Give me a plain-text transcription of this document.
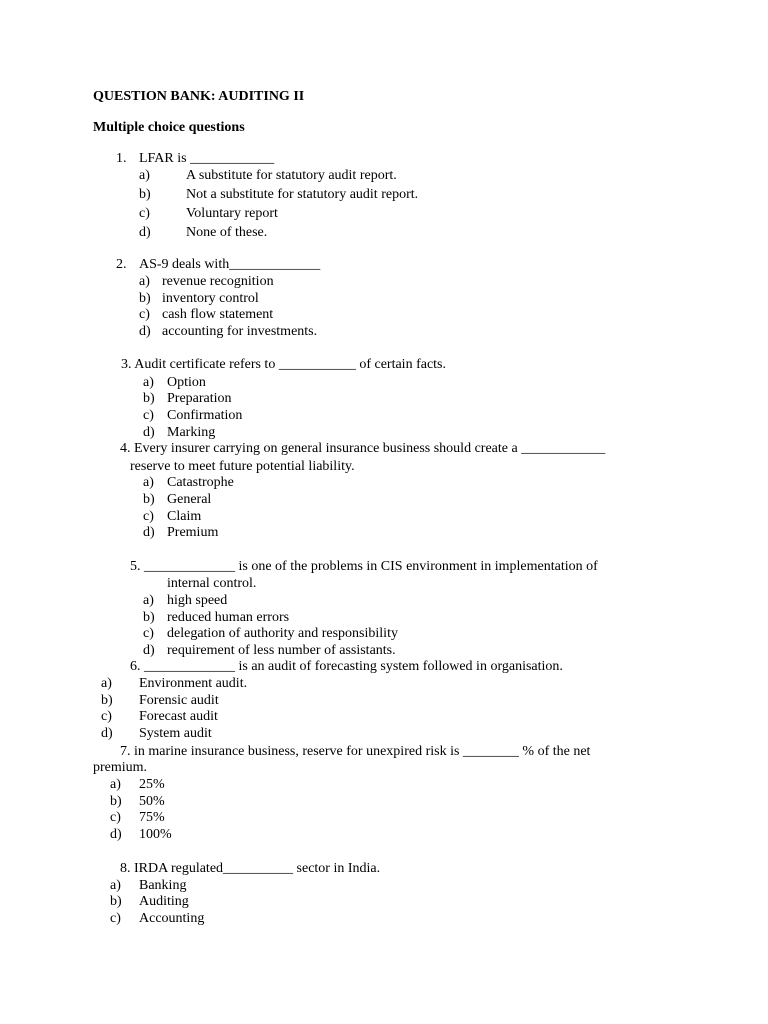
QUESTION BANK: AUDITING II
Multiple choice questions
1. LFAR is ____________
a)	A substitute for statutory audit report.
b)	Not a substitute for statutory audit report.
c)	Voluntary report
d)	None of these.
2. AS-9 deals with_____________
a) revenue recognition
b) inventory control
c) cash flow statement
d) accounting for investments.
3. Audit certificate refers to ___________ of certain facts.
a) Option
b) Preparation
c) Confirmation
d) Marking
4. Every insurer carrying on general insurance business should create a ____________
reserve to meet future potential liability.
a) Catastrophe
b) General
c) Claim
d) Premium
5. _____________ is one of the problems in CIS environment in implementation of
internal control.
a) high speed
b) reduced human errors
c) delegation of authority and responsibility
d) requirement of less number of assistants.
6. _____________ is an audit of forecasting system followed in organisation.
a) Environment audit.
b) Forensic audit
c) Forecast audit
d) System audit
7. in marine insurance business, reserve for unexpired risk is ________ % of the net
premium.
a) 25%
b) 50%
c) 75%
d) 100%
8. IRDA regulated__________ sector in India.
a) Banking
b) Auditing
c) Accounting
